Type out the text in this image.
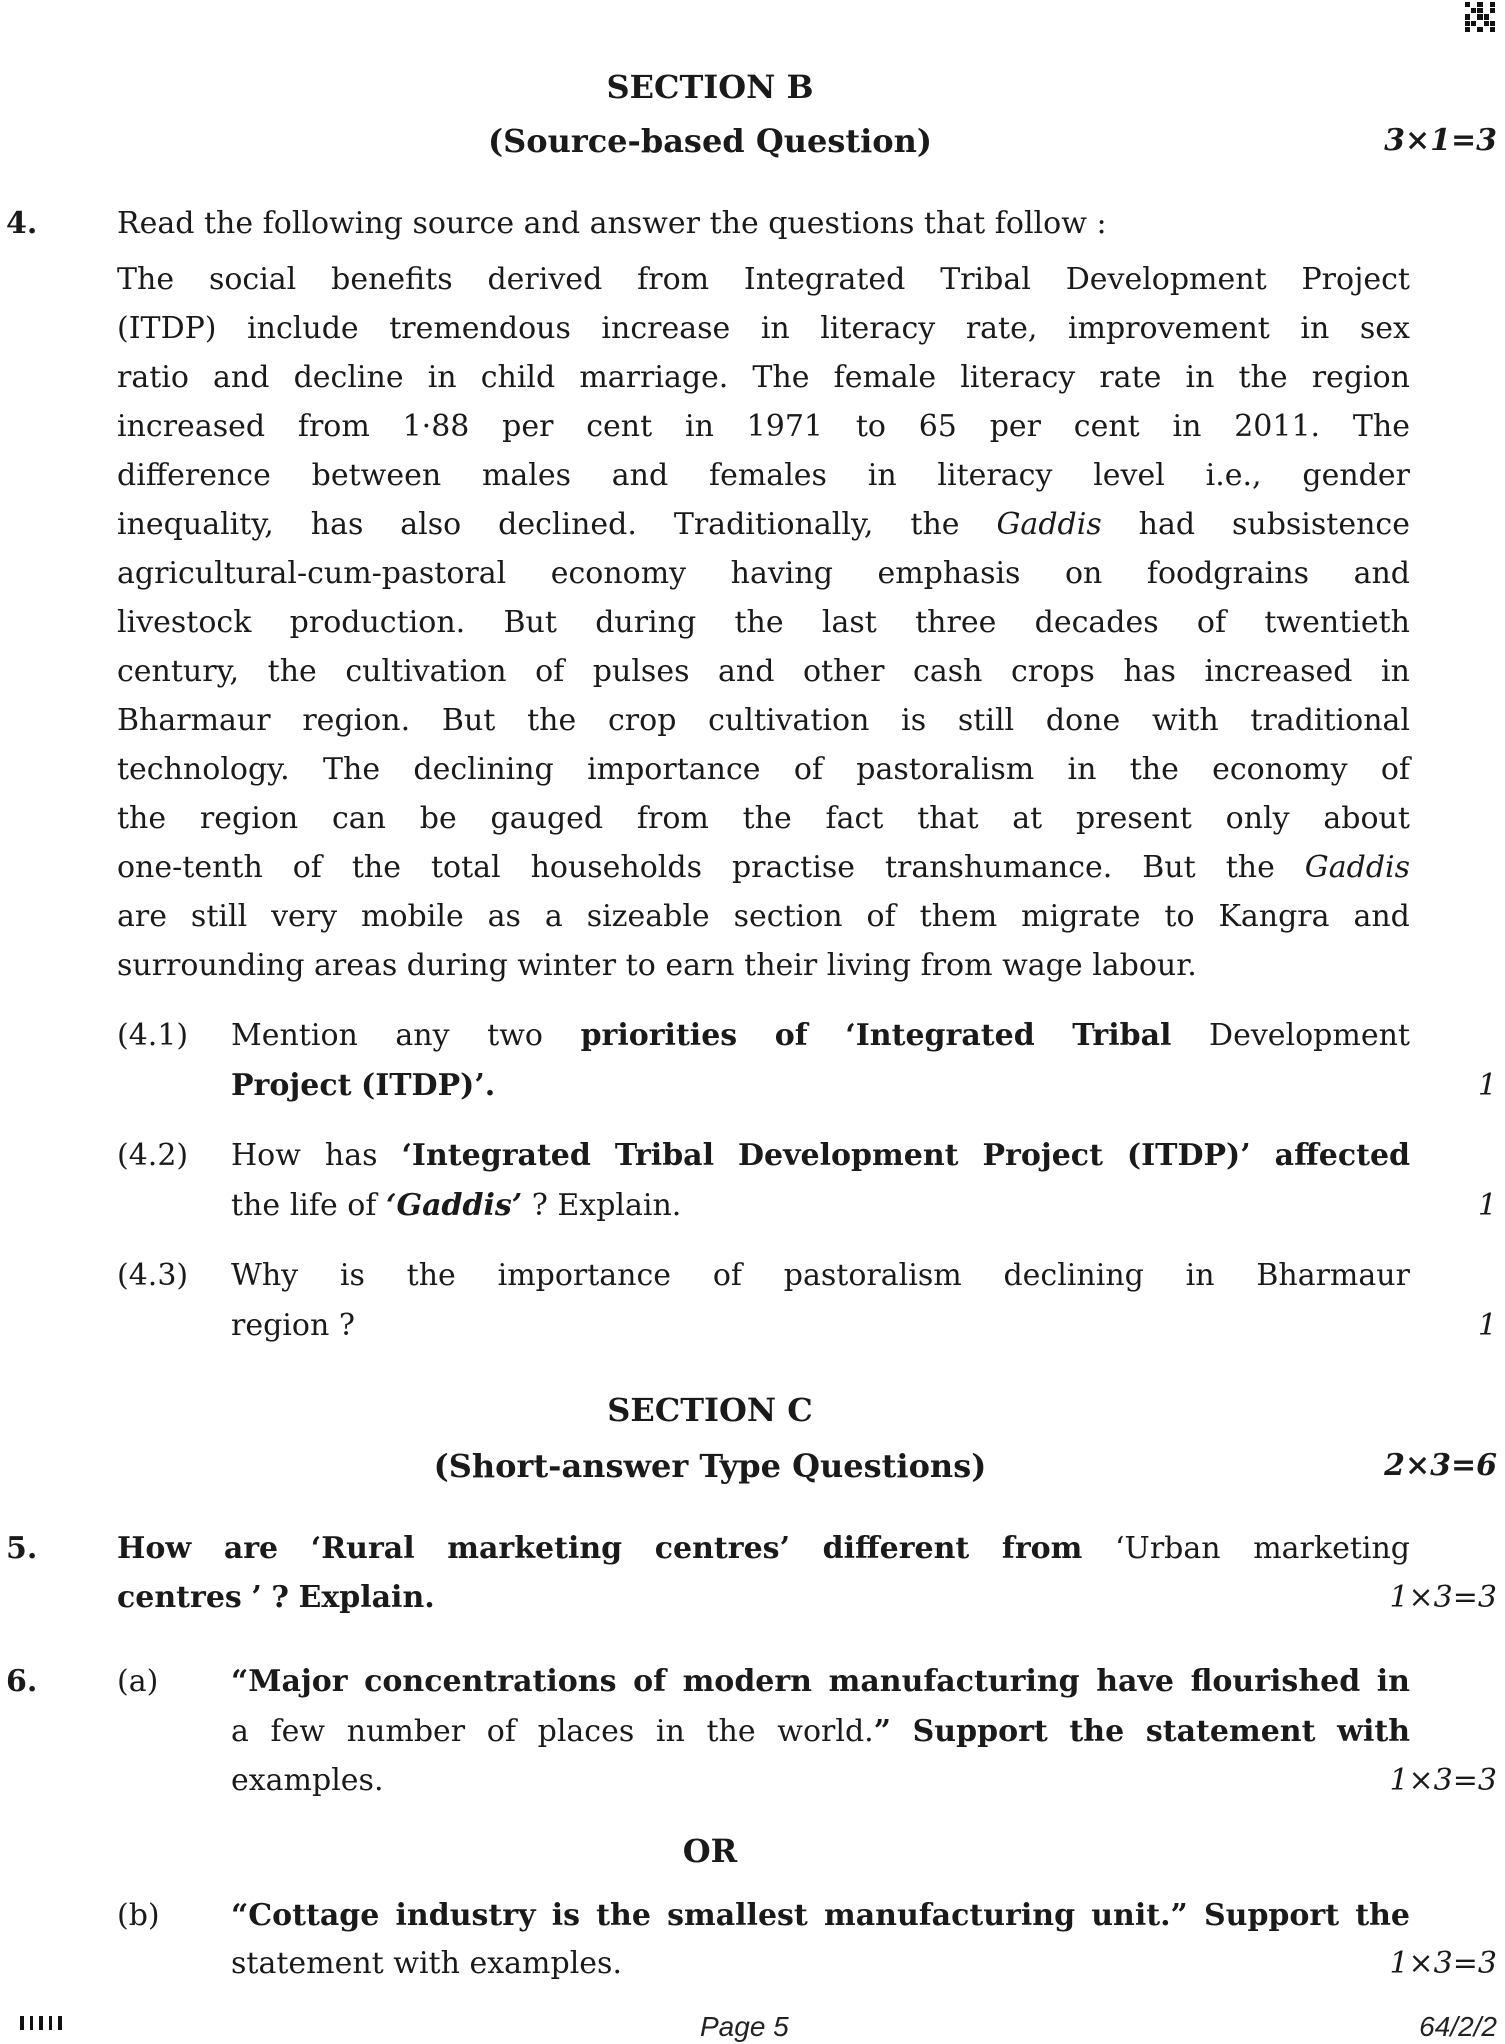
SECTION B
(Source-based Question)	3×1=3
4.	Read the following source and answer the questions that follow :
The social benefits derived from Integrated Tribal Development Project
(ITDP) include tremendous increase in literacy rate, improvement in sex
ratio and decline in child marriage. The female literacy rate in the region
increased from 1·88 per cent in 1971 to 65 per cent in 2011. The
difference between males and females in literacy level i.e., gender
inequality, has also declined. Traditionally, the Gaddis had subsistence
agricultural-cum-pastoral economy having emphasis on foodgrains and
livestock production. But during the last three decades of twentieth
century, the cultivation of pulses and other cash crops has increased in
Bharmaur region. But the crop cultivation is still done with traditional
technology. The declining importance of pastoralism in the economy of
the region can be gauged from the fact that at present only about
one-tenth of the total households practise transhumance. But the Gaddis
are still very mobile as a sizeable section of them migrate to Kangra and
surrounding areas during winter to earn their living from wage labour.
(4.1) Mention any two priorities of ‘Integrated Tribal Development
Project (ITDP)’.	1
(4.2) How has ‘Integrated Tribal Development Project (ITDP)’ affected
the life of ‘Gaddis’ ? Explain.	1
(4.3) Why is the importance of pastoralism declining in Bharmaur
region ?	1
SECTION C
(Short-answer Type Questions)	2×3=6
5.	How are ‘Rural marketing centres’ different from ‘Urban marketing
centres ’ ? Explain.	1×3=3
6.	(a) “Major concentrations of modern manufacturing have flourished in
a few number of places in the world.” Support the statement with
examples.	1×3=3
OR
(b) “Cottage industry is the smallest manufacturing unit.” Support the
statement with examples.	1×3=3
Page 5	64/2/2
